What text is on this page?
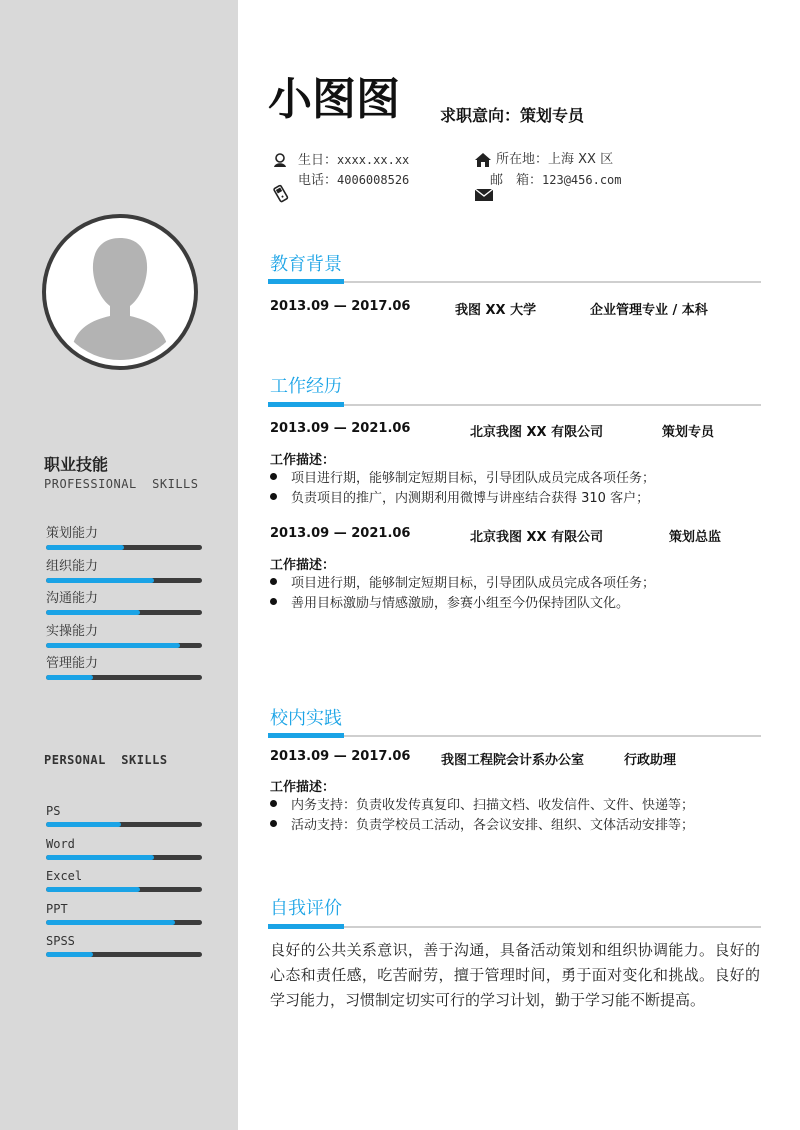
职业技能
PROFESSIONAL  SKILLS
策划能力
组织能力
沟通能力
实操能力
管理能力
PERSONAL  SKILLS
PS
Word
Excel
PPT
SPSS
小图图	求职意向：策划专员
生日：xxxx.xx.xx
电话：4006008526
所在地：上海 XX 区
邮　箱：123@456.com
教育背景
2013.09 — 2017.06	我图 XX 大学	企业管理专业 / 本科
工作经历
2013.09 — 2021.06	北京我图 XX 有限公司	策划专员
工作描述：
项目进行期，能够制定短期目标，引导团队成员完成各项任务；
负责项目的推广，内测期利用微博与讲座结合获得 310 客户；
2013.09 — 2021.06	北京我图 XX 有限公司	策划总监
工作描述：
项目进行期，能够制定短期目标，引导团队成员完成各项任务；
善用目标激励与情感激励，参赛小组至今仍保持团队文化。
校内实践
2013.09 — 2017.06 我图工程院会计系办公室	行政助理
工作描述：
内务支持：负责收发传真复印、扫描文档、收发信件、文件、快递等；
活动支持：负责学校员工活动，各会议安排、组织、文体活动安排等；
自我评价
良好的公共关系意识，善于沟通，具备活动策划和组织协调能力。良好的心态和责任感，吃苦耐劳，擅于管理时间，勇于面对变化和挑战。良好的学习能力，习惯制定切实可行的学习计划，勤于学习能不断提高。
